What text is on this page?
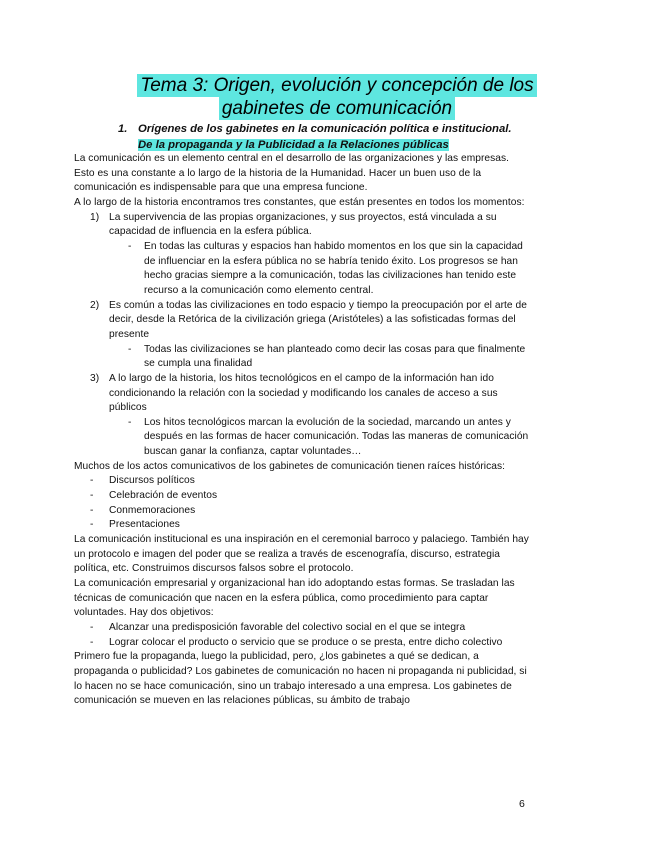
Tema 3: Origen, evolución y concepción de los
gabinetes de comunicación
1. Orígenes de los gabinetes en la comunicación política e institucional.
De la propaganda y la Publicidad a la Relaciones públicas

La comunicación es un elemento central en el desarrollo de las organizaciones y las empresas. Esto es una constante a lo largo de la historia de la Humanidad. Hacer un buen uso de la comunicación es indispensable para que una empresa funcione.

A lo largo de la historia encontramos tres constantes, que están presentes en todos los momentos:

1) La supervivencia de las propias organizaciones, y sus proyectos, está vinculada a su capacidad de influencia en la esfera pública.
- En todas las culturas y espacios han habido momentos en los que sin la capacidad de influenciar en la esfera pública no se habría tenido éxito. Los progresos se han hecho gracias siempre a la comunicación, todas las civilizaciones han tenido este recurso a la comunicación como elemento central.
2) Es común a todas las civilizaciones en todo espacio y tiempo la preocupación por el arte de decir, desde la Retórica de la civilización griega (Aristóteles) a las sofisticadas formas del presente
- Todas las civilizaciones se han planteado como decir las cosas para que finalmente se cumpla una finalidad
3) A lo largo de la historia, los hitos tecnológicos en el campo de la información han ido condicionando la relación con la sociedad y modificando los canales de acceso a sus públicos
- Los hitos tecnológicos marcan la evolución de la sociedad, marcando un antes y después en las formas de hacer comunicación. Todas las maneras de comunicación buscan ganar la confianza, captar voluntades…

Muchos de los actos comunicativos de los gabinetes de comunicación tienen raíces históricas:

- Discursos políticos
- Celebración de eventos
- Conmemoraciones
- Presentaciones

La comunicación institucional es una inspiración en el ceremonial barroco y palaciego. También hay un protocolo e imagen del poder que se realiza a través de escenografía, discurso, estrategia política, etc. Construimos discursos falsos sobre el protocolo.

La comunicación empresarial y organizacional han ido adoptando estas formas. Se trasladan las técnicas de comunicación que nacen en la esfera pública, como procedimiento para captar voluntades. Hay dos objetivos:

- Alcanzar una predisposición favorable del colectivo social en el que se integra
- Lograr colocar el producto o servicio que se produce o se presta, entre dicho colectivo

Primero fue la propaganda, luego la publicidad, pero, ¿los gabinetes a qué se dedican, a propaganda o publicidad? Los gabinetes de comunicación no hacen ni propaganda ni publicidad, si lo hacen no se hace comunicación, sino un trabajo interesado a una empresa. Los gabinetes de comunicación se mueven en las relaciones públicas, su ámbito de trabajo

6
